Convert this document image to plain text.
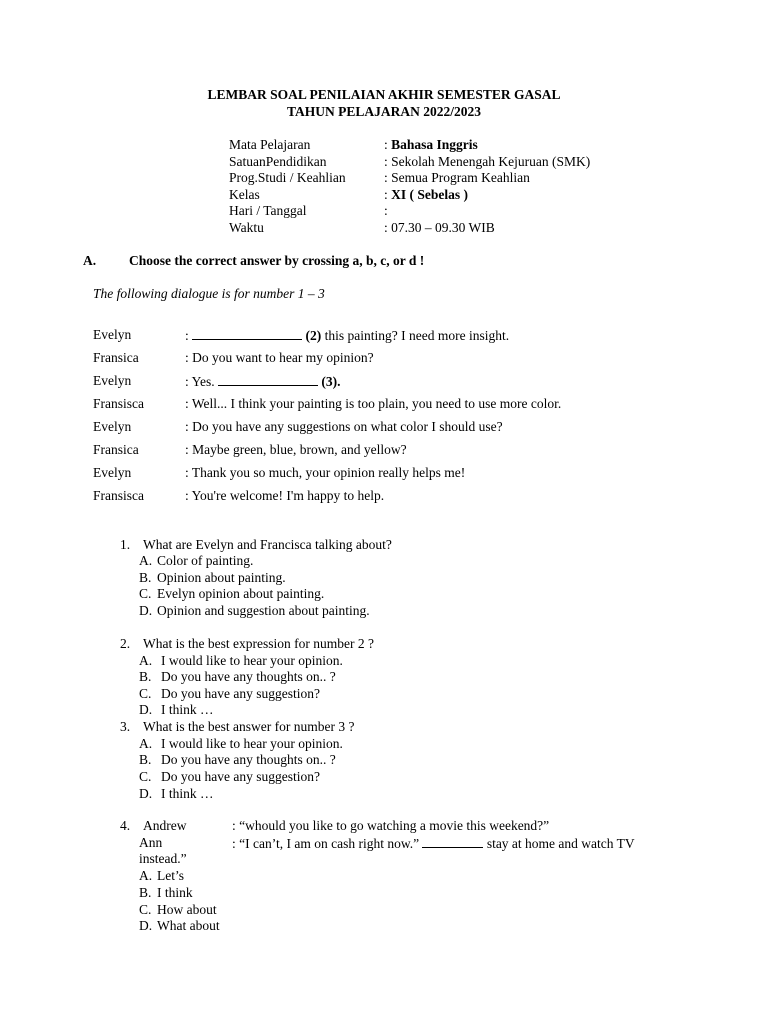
LEMBAR SOAL PENILAIAN AKHIR SEMESTER GASAL
TAHUN PELAJARAN 2022/2023
Mata Pelajaran	: Bahasa Inggris
SatuanPendidikan	: Sekolah Menengah Kejuruan (SMK)
Prog.Studi / Keahlian	: Semua Program Keahlian
Kelas	: XI ( Sebelas )
Hari / Tanggal	:
Waktu	: 07.30 – 09.30 WIB
A. Choose the correct answer by crossing a, b, c, or d !
The following dialogue is for number 1 – 3
Evelyn	:	(2) this painting? I need more insight.
Fransica	: Do you want to hear my opinion?
Evelyn	: Yes.	(3).
Fransisca	: Well... I think your painting is too plain, you need to use more color.
Evelyn	: Do you have any suggestions on what color I should use?
Fransica	: Maybe green, blue, brown, and yellow?
Evelyn	: Thank you so much, your opinion really helps me!
Fransisca	: You're welcome! I'm happy to help.
1. What are Evelyn and Francisca talking about?
A. Color of painting.
B. Opinion about painting.
C. Evelyn opinion about painting.
D. Opinion and suggestion about painting.
2. What is the best expression for number 2 ?
A. I would like to hear your opinion.
B. Do you have any thoughts on.. ?
C. Do you have any suggestion?
D. I think …
3. What is the best answer for number 3 ?
A. I would like to hear your opinion.
B. Do you have any thoughts on.. ?
C. Do you have any suggestion?
D. I think …
4. Andrew	: “whould you like to go watching a movie this weekend?”
Ann	: “I can’t, I am on cash right now.”	stay at home and watch TV
instead.”
A. Let’s
B. I think
C. How about
D. What about
